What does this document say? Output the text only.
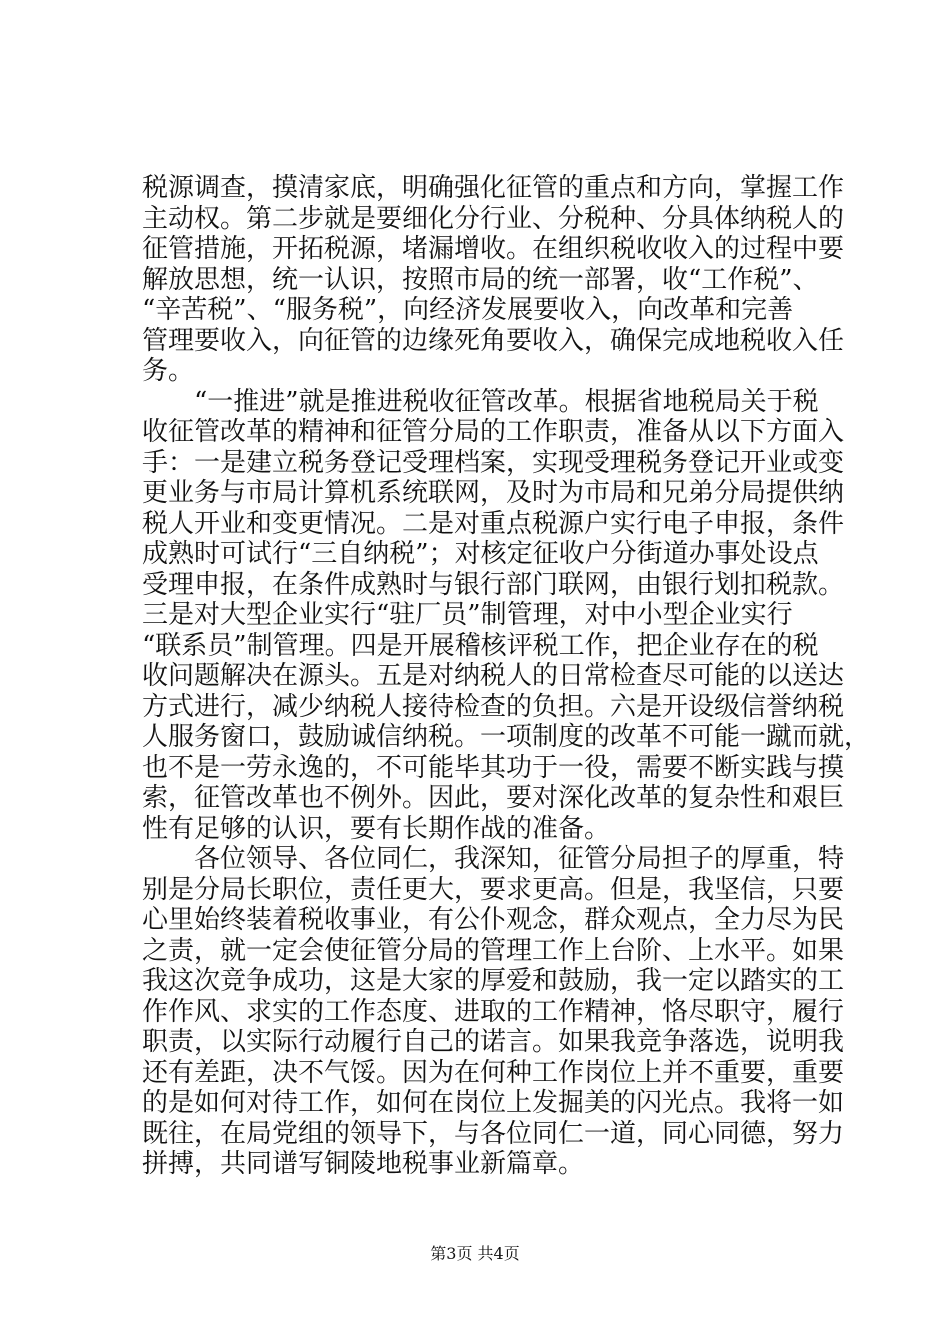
税源调查，摸清家底，明确强化征管的重点和方向，掌握工作
主动权。第二步就是要细化分行业、分税种、分具体纳税人的
征管措施，开拓税源，堵漏增收。在组织税收收入的过程中要
解放思想，统一认识，按照市局的统一部署，收“工作税”、
“辛苦税”、“服务税”，向经济发展要收入，向改革和完善
管理要收入，向征管的边缘死角要收入，确保完成地税收入任
务。
“一推进”就是推进税收征管改革。根据省地税局关于税
收征管改革的精神和征管分局的工作职责，准备从以下方面入
手：一是建立税务登记受理档案，实现受理税务登记开业或变
更业务与市局计算机系统联网，及时为市局和兄弟分局提供纳
税人开业和变更情况。二是对重点税源户实行电子申报，条件
成熟时可试行“三自纳税”；对核定征收户分街道办事处设点
受理申报，在条件成熟时与银行部门联网，由银行划扣税款。
三是对大型企业实行“驻厂员”制管理，对中小型企业实行
“联系员”制管理。四是开展稽核评税工作，把企业存在的税
收问题解决在源头。五是对纳税人的日常检查尽可能的以送达
方式进行，减少纳税人接待检查的负担。六是开设级信誉纳税
人服务窗口，鼓励诚信纳税。一项制度的改革不可能一蹴而就，
也不是一劳永逸的，不可能毕其功于一役，需要不断实践与摸
索，征管改革也不例外。因此，要对深化改革的复杂性和艰巨
性有足够的认识，要有长期作战的准备。
各位领导、各位同仁，我深知，征管分局担子的厚重，特
别是分局长职位，责任更大，要求更高。但是，我坚信，只要
心里始终装着税收事业，有公仆观念，群众观点，全力尽为民
之责，就一定会使征管分局的管理工作上台阶、上水平。如果
我这次竞争成功，这是大家的厚爱和鼓励，我一定以踏实的工
作作风、求实的工作态度、进取的工作精神，恪尽职守，履行
职责，以实际行动履行自己的诺言。如果我竞争落选，说明我
还有差距，决不气馁。因为在何种工作岗位上并不重要，重要
的是如何对待工作，如何在岗位上发掘美的闪光点。我将一如
既往，在局党组的领导下，与各位同仁一道，同心同德，努力
拼搏，共同谱写铜陵地税事业新篇章。
第3页 共4页
